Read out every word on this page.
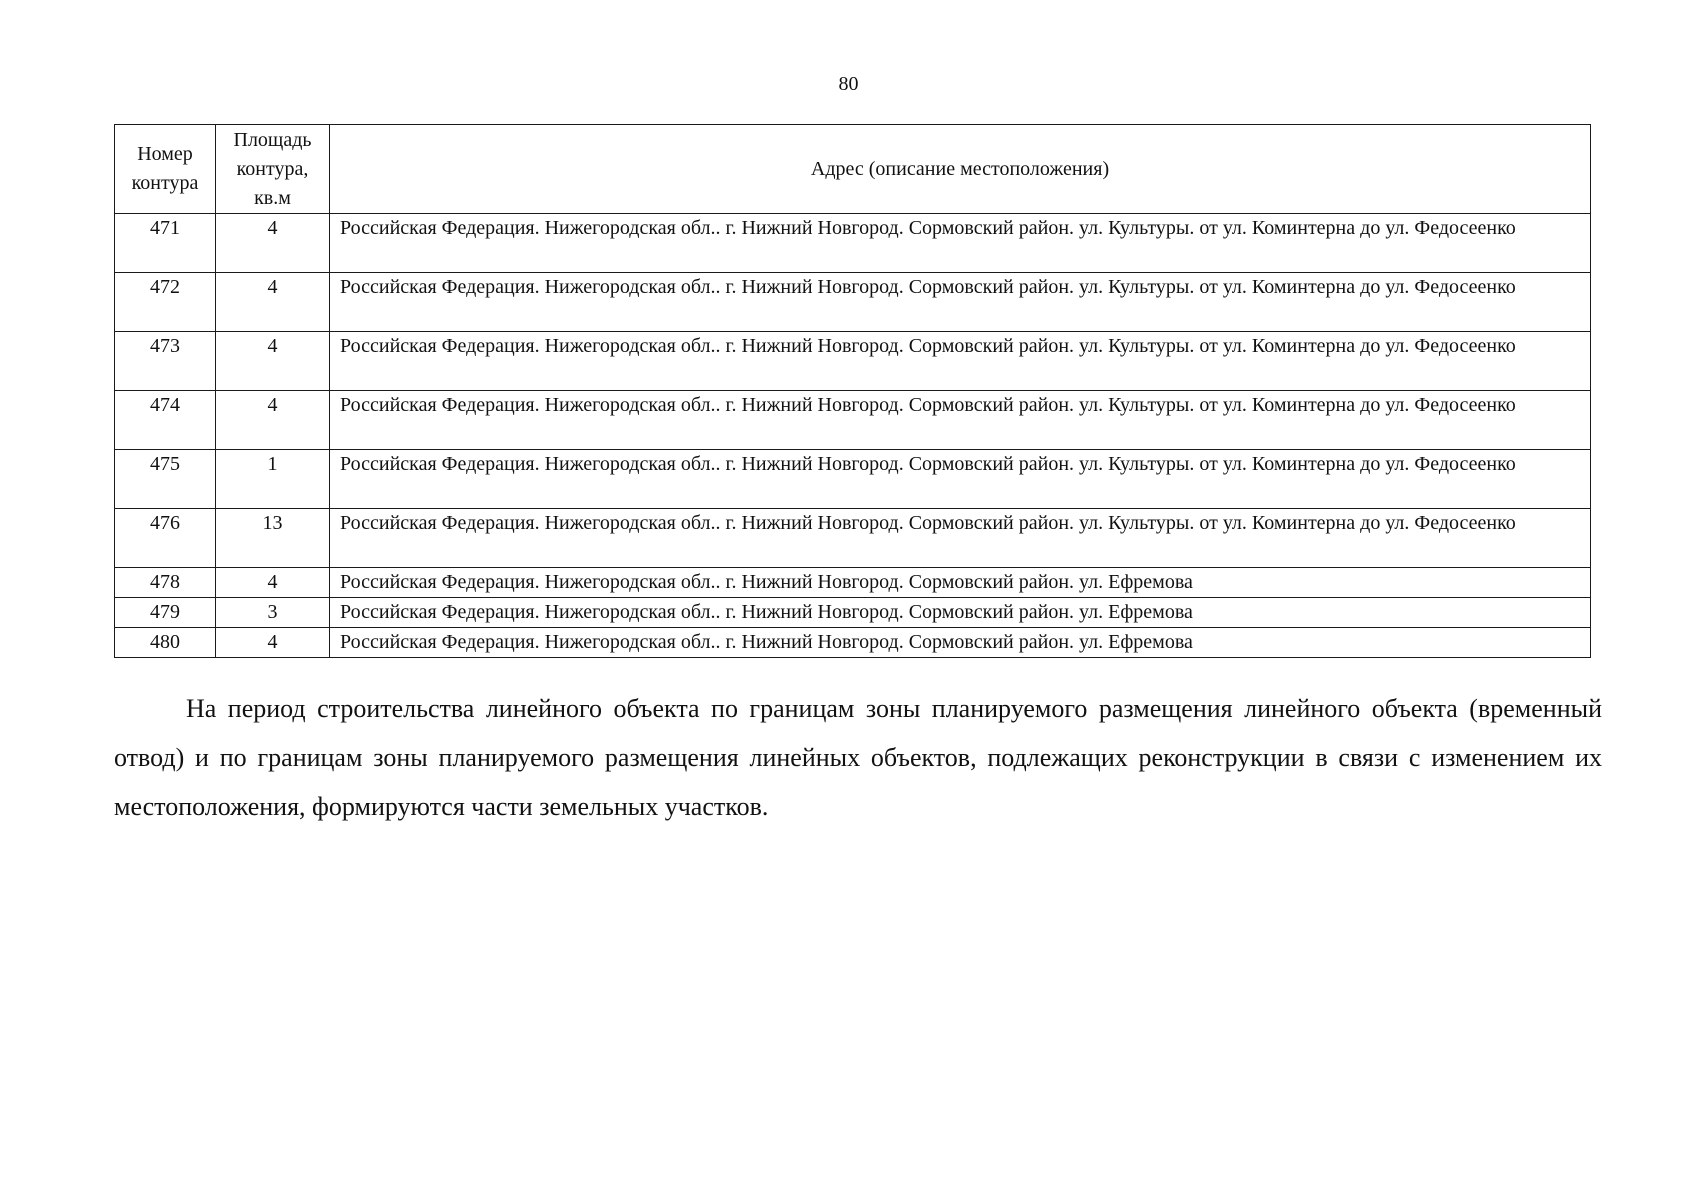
80
Номер контура	Площадь контура, кв.м	Адрес (описание местоположения)
471	4	Российская Федерация. Нижегородская обл.. г. Нижний Новгород. Сормовский район. ул. Культуры. от ул. Коминтерна до ул. Федосеенко
472	4	Российская Федерация. Нижегородская обл.. г. Нижний Новгород. Сормовский район. ул. Культуры. от ул. Коминтерна до ул. Федосеенко
473	4	Российская Федерация. Нижегородская обл.. г. Нижний Новгород. Сормовский район. ул. Культуры. от ул. Коминтерна до ул. Федосеенко
474	4	Российская Федерация. Нижегородская обл.. г. Нижний Новгород. Сормовский район. ул. Культуры. от ул. Коминтерна до ул. Федосеенко
475	1	Российская Федерация. Нижегородская обл.. г. Нижний Новгород. Сормовский район. ул. Культуры. от ул. Коминтерна до ул. Федосеенко
476	13	Российская Федерация. Нижегородская обл.. г. Нижний Новгород. Сормовский район. ул. Культуры. от ул. Коминтерна до ул. Федосеенко
478	4	Российская Федерация. Нижегородская обл.. г. Нижний Новгород. Сормовский район. ул. Ефремова
479	3	Российская Федерация. Нижегородская обл.. г. Нижний Новгород. Сормовский район. ул. Ефремова
480	4	Российская Федерация. Нижегородская обл.. г. Нижний Новгород. Сормовский район. ул. Ефремова

На период строительства линейного объекта по границам зоны планируемого размещения линейного объекта (временный отвод) и по границам зоны планируемого размещения линейных объектов, подлежащих реконструкции в связи с изменением их местоположения, формируются части земельных участков.
